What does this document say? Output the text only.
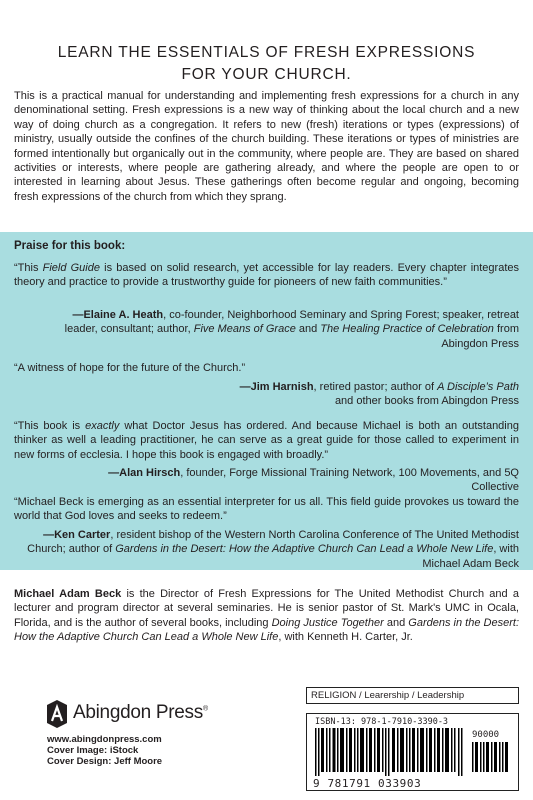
LEARN THE ESSENTIALS OF FRESH EXPRESSIONS
FOR YOUR CHURCH.

This is a practical manual for understanding and implementing fresh expressions for a church in any denominational setting. Fresh expressions is a new way of thinking about the local church and a new way of doing church as a congregation. It refers to new (fresh) iterations or types (expressions) of ministry, usually outside the confines of the church building. These iterations or types of ministries are formed intentionally but organically out in the community, where people are. They are based on shared activities or interests, where people are gathering already, and where the people are open to or interested in learning about Jesus. These gatherings often become regular and ongoing, becoming fresh expressions of the church from which they sprang.

Praise for this book:

“This Field Guide is based on solid research, yet accessible for lay readers. Every chapter integrates theory and practice to provide a trustworthy guide for pioneers of new faith communities.”

—Elaine A. Heath, co-founder, Neighborhood Seminary and Spring Forest; speaker, retreat leader, consultant; author, Five Means of Grace and The Healing Practice of Celebration from Abingdon Press

“A witness of hope for the future of the Church.”

—Jim Harnish, retired pastor; author of A Disciple’s Path and other books from Abingdon Press

“This book is exactly what Doctor Jesus has ordered. And because Michael is both an outstanding thinker as well a leading practitioner, he can serve as a great guide for those called to experiment in new forms of ecclesia. I hope this book is engaged with broadly.”

—Alan Hirsch, founder, Forge Missional Training Network, 100 Movements, and 5Q Collective

“Michael Beck is emerging as an essential interpreter for us all. This field guide provokes us toward the world that God loves and seeks to redeem.”

—Ken Carter, resident bishop of the Western North Carolina Conference of The United Methodist Church; author of Gardens in the Desert: How the Adaptive Church Can Lead a Whole New Life, with Michael Adam Beck

Michael Adam Beck is the Director of Fresh Expressions for The United Methodist Church and a lecturer and program director at several seminaries. He is senior pastor of St. Mark's UMC in Ocala, Florida, and is the author of several books, including Doing Justice Together and Gardens in the Desert: How the Adaptive Church Can Lead a Whole New Life, with Kenneth H. Carter, Jr.

Abingdon Press®
www.abingdonpress.com
Cover Image: iStock
Cover Design: Jeff Moore
RELIGION / Learership / Leadership
ISBN-13: 978-1-7910-3390-3
90000
9 781791 033903
